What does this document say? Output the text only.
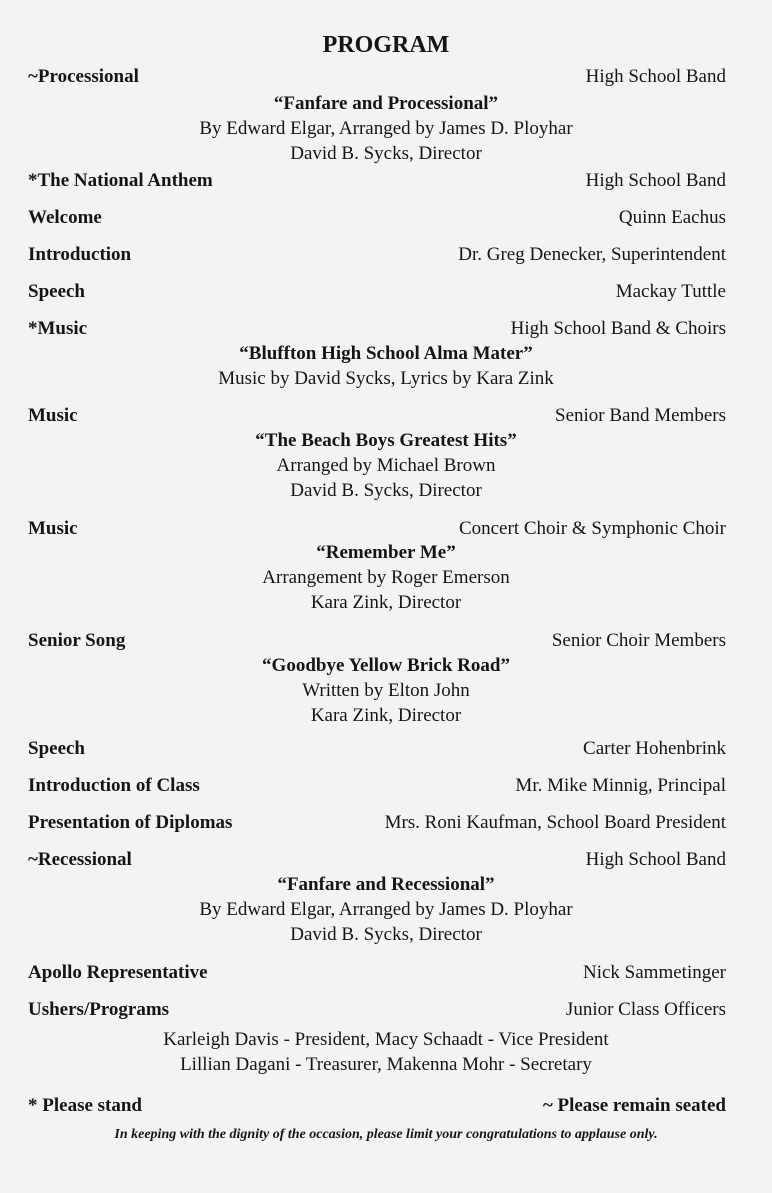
PROGRAM
~Processional	High School Band
“Fanfare and Processional”
By Edward Elgar, Arranged by James D. Ployhar
David B. Sycks, Director
*The National Anthem	High School Band
Welcome	Quinn Eachus
Introduction	Dr. Greg Denecker, Superintendent
Speech	Mackay Tuttle
*Music	High School Band & Choirs
“Bluffton High School Alma Mater”
Music by David Sycks, Lyrics by Kara Zink
Music	Senior Band Members
“The Beach Boys Greatest Hits”
Arranged by Michael Brown
David B. Sycks, Director
Music	Concert Choir & Symphonic Choir
“Remember Me”
Arrangement by Roger Emerson
Kara Zink, Director
Senior Song	Senior Choir Members
“Goodbye Yellow Brick Road”
Written by Elton John
Kara Zink, Director
Speech	Carter Hohenbrink
Introduction of Class	Mr. Mike Minnig, Principal
Presentation of Diplomas	Mrs. Roni Kaufman, School Board President
~Recessional	High School Band
“Fanfare and Recessional”
By Edward Elgar, Arranged by James D. Ployhar
David B. Sycks, Director
Apollo Representative	Nick Sammetinger
Ushers/Programs	Junior Class Officers
Karleigh Davis - President, Macy Schaadt - Vice President
Lillian Dagani - Treasurer, Makenna Mohr - Secretary
* Please stand	~ Please remain seated
In keeping with the dignity of the occasion, please limit your congratulations to applause only.
